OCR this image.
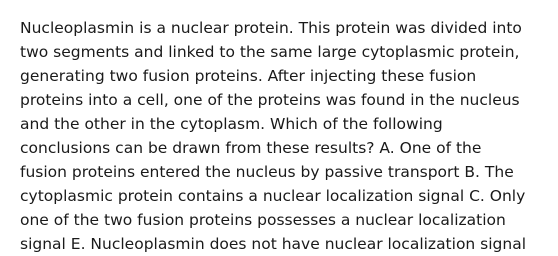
Nucleoplasmin is a nuclear protein. This protein was divided into
two segments and linked to the same large cytoplasmic protein,
generating two fusion proteins. After injecting these fusion
proteins into a cell, one of the proteins was found in the nucleus
and the other in the cytoplasm. Which of the following
conclusions can be drawn from these results? A. One of the
fusion proteins entered the nucleus by passive transport B. The
cytoplasmic protein contains a nuclear localization signal C. Only
one of the two fusion proteins possesses a nuclear localization
signal E. Nucleoplasmin does not have nuclear localization signal
